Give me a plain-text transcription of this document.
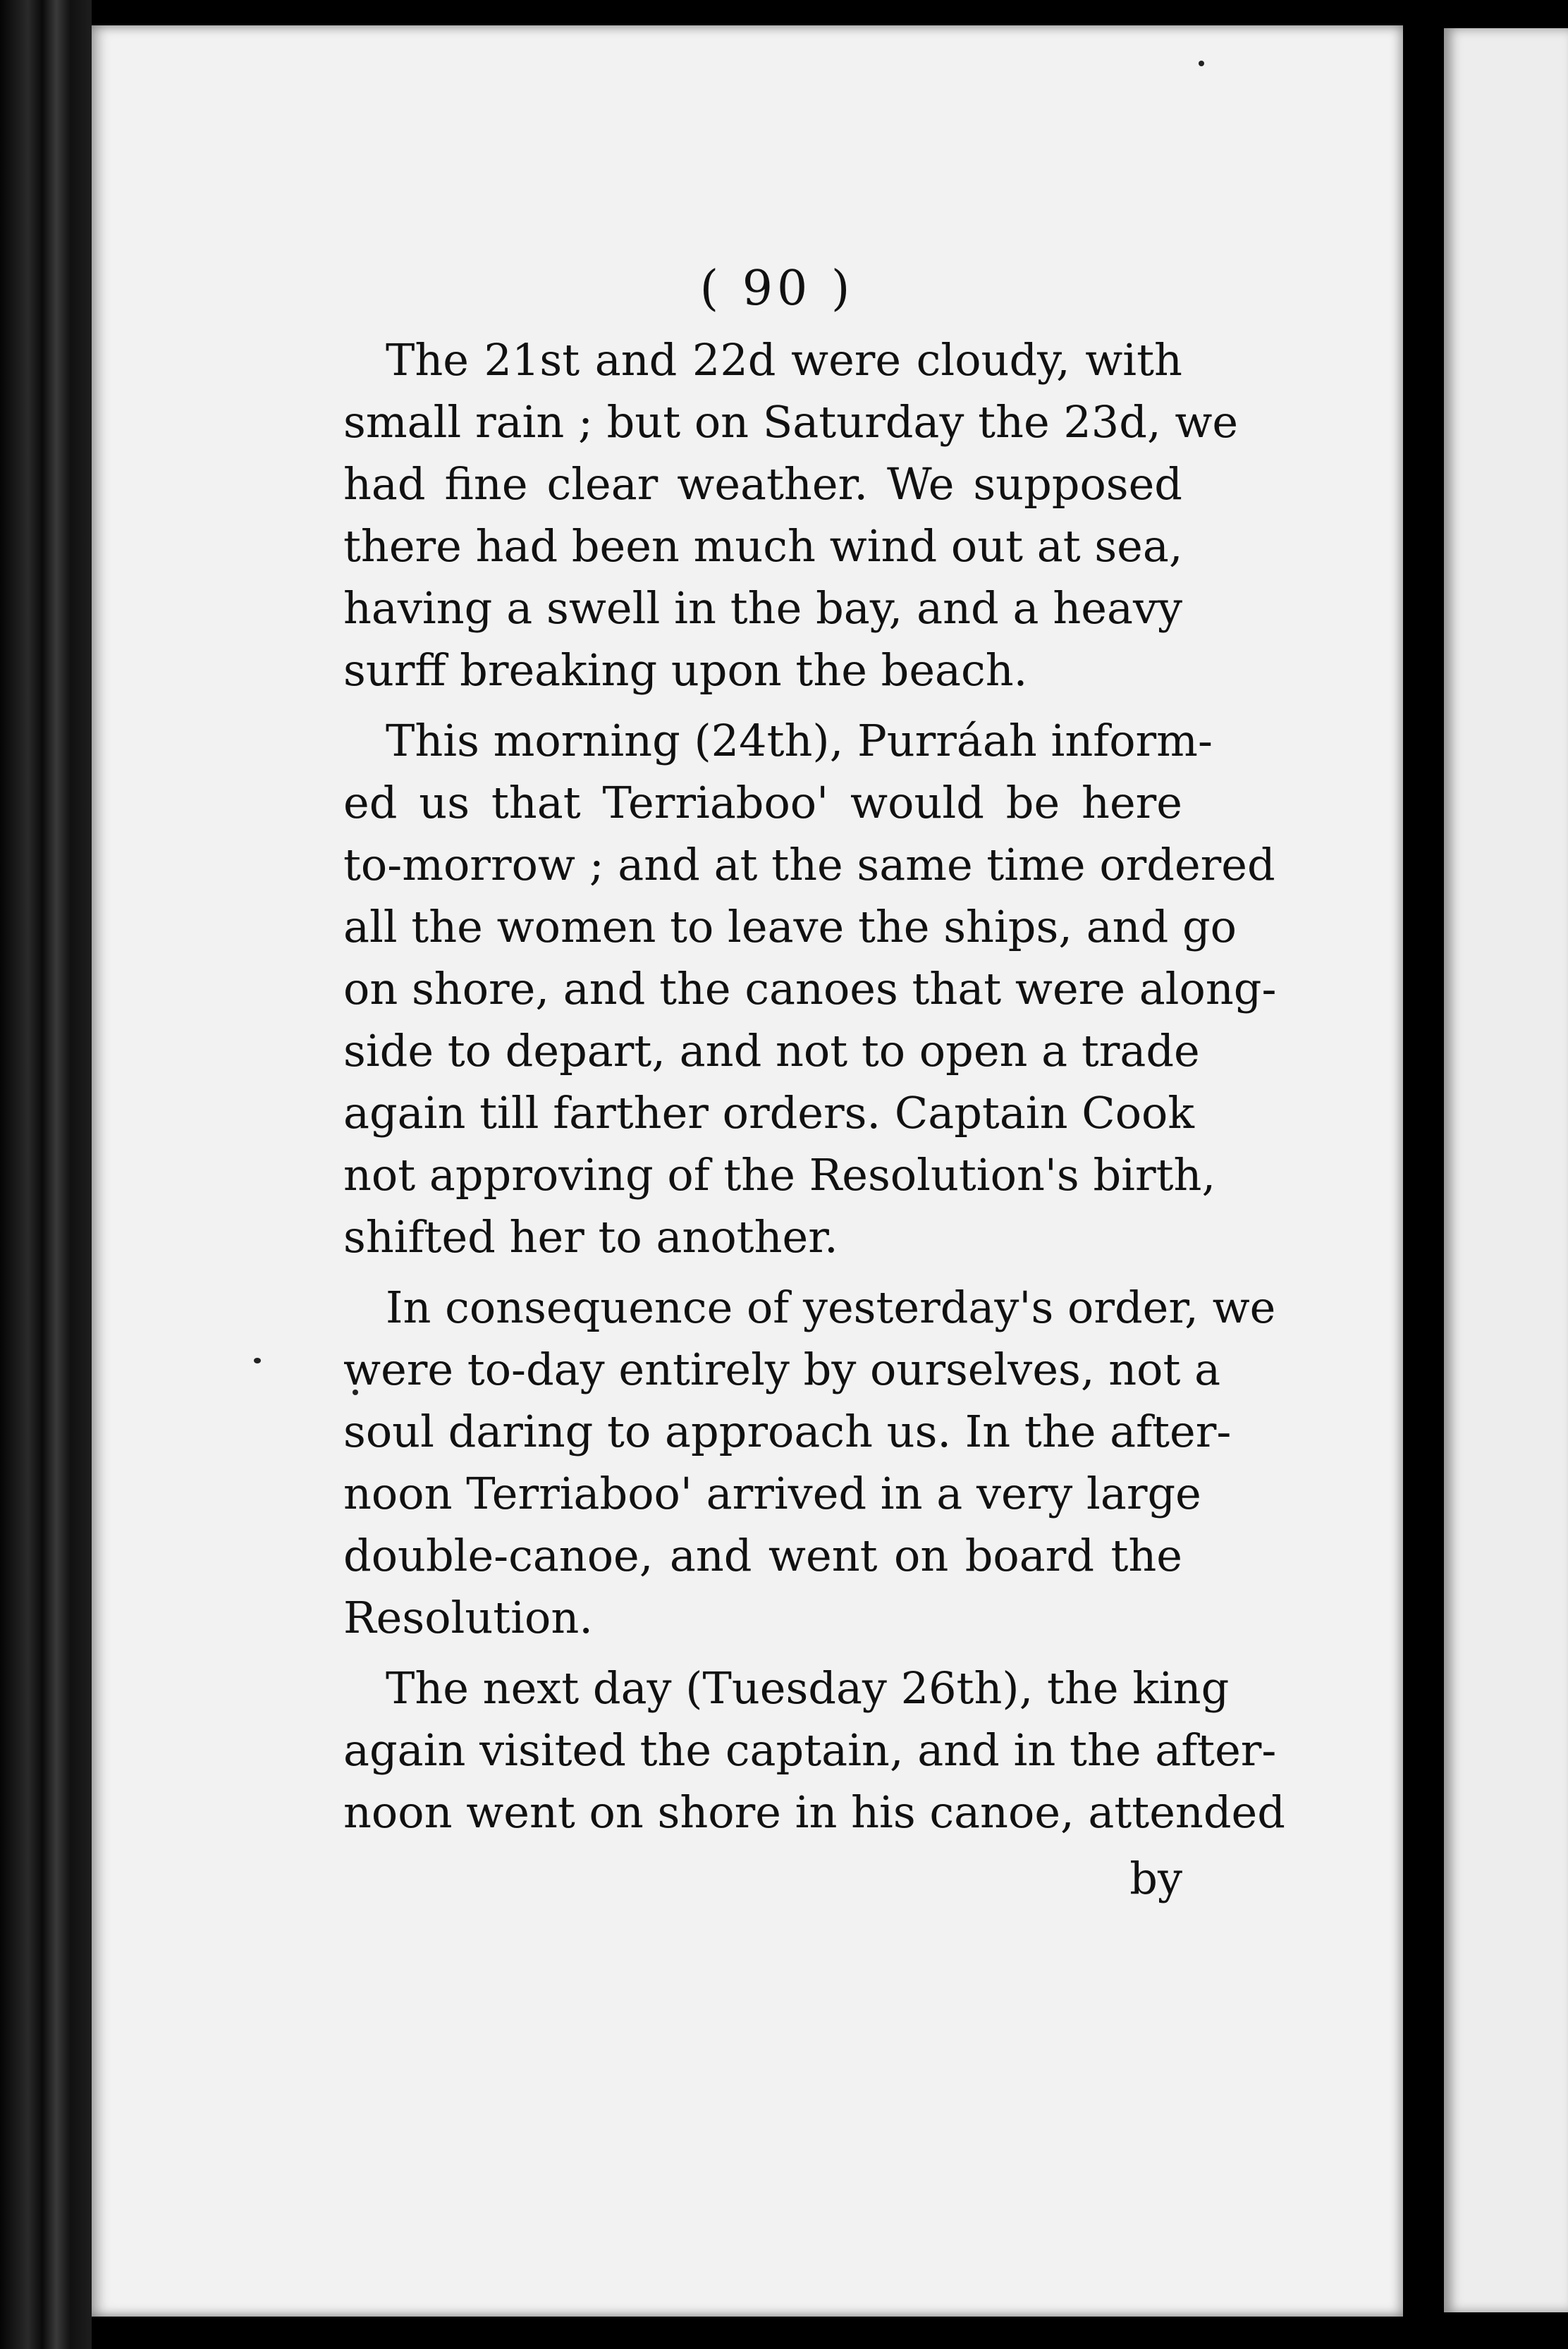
( 90 )
The 21st and 22d were cloudy, with
small rain ; but on Saturday the 23d, we
had fine clear weather. We supposed
there had been much wind out at sea,
having a swell in the bay, and a heavy
surff breaking upon the beach.
This morning (24th), Purráah inform-
ed us that Terriaboo' would be here
to-morrow ; and at the same time ordered
all the women to leave the ships, and go
on shore, and the canoes that were along-
side to depart, and not to open a trade
again till farther orders. Captain Cook
not approving of the Resolution's birth,
shifted her to another.
In consequence of yesterday's order, we
were to-day entirely by ourselves, not a
soul daring to approach us. In the after-
noon Terriaboo' arrived in a very large
double-canoe, and went on board the
Resolution.
The next day (Tuesday 26th), the king
again visited the captain, and in the after-
noon went on shore in his canoe, attended
by
